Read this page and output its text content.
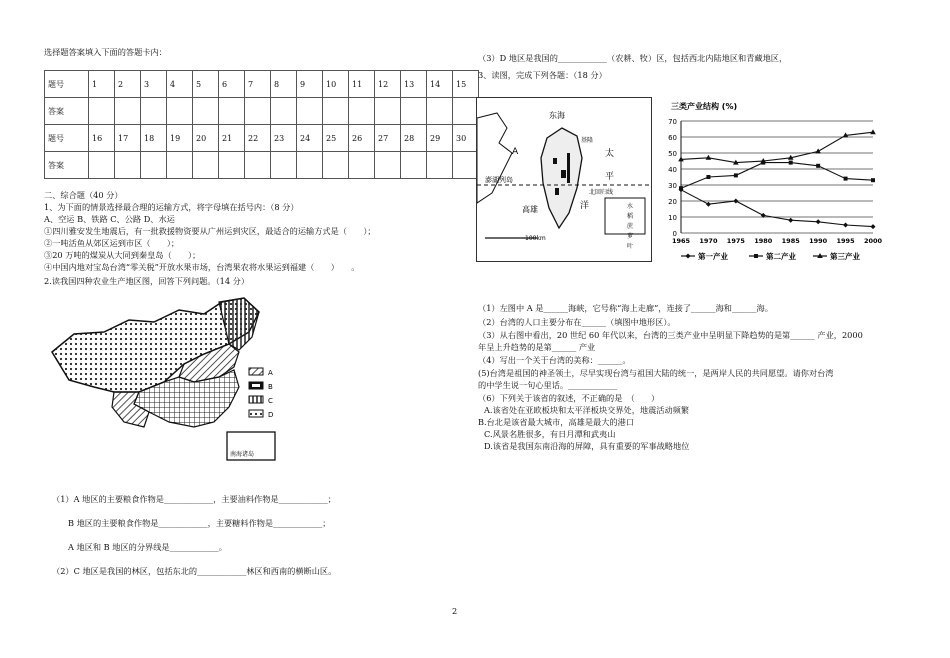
选择题答案填入下面的答题卡内：
题号	1	2	3	4	5	6	7	8	9	10	11	12	13	14	15
答案															
题号	16	17	18	19	20	21	22	23	24	25	26	27	28	29	30
答案															
二、综合题（40 分）
1、为下面的情景选择最合理的运输方式，将字母填在括号内：（8 分）
A、空运 B、铁路 C、公路 D、水运
①四川雅安发生地震后，有一批救援物资要从广州运到灾区，最适合的运输方式是（　　）；
②一吨活鱼从郊区运到市区（　　）；
③20 万吨的煤炭从大同到秦皇岛（　　）；
④中国内地对宝岛台湾“零关税”开放水果市场，台湾果农将水果运到福建（　　）　　。
2.读我国四种农业生产地区图，回答下列问题。（14 分）
A
B
C
D
南海诸岛
（1）A 地区的主要粮食作物是____________，主要油料作物是____________；
B 地区的主要粮食作物是____________，主要糖料作物是____________；
A 地区和 B 地区的分界线是____________。
（2）C 地区是我国的林区，包括东北的____________林区和西南的横断山区。
（3）D 地区是我国的____________（农耕、牧）区，包括西北内陆地区和青藏地区，
3、读图，完成下列各题：（18 分）
东海
A
基隆
太
平
洋
澎湖列岛
北回归线
高雄
100km
水
稻
蔗
萝
叶
三类产业结构 (%)
0
10
20
30
40
50
60
70
1965 1970 1975 1980 1985 1990 1995 2000
第一产业	第二产业	第三产业
（1）左图中 A 是______海峡，它号称“海上走廊”，连接了______海和______海。
（2）台湾的人口主要分布在______（填图中地形区）。
（3）从右图中看出，20 世纪 60 年代以来，台湾的三类产业中呈明显下降趋势的是第______ 产业，2000
年呈上升趋势的是第______ 产业
（4）写出一个关于台湾的美称：______。
(5)台湾是祖国的神圣领土，尽早实现台湾与祖国大陆的统一，是两岸人民的共同愿望。请你对台湾
的中学生说一句心里话。____________
（6）下列关于该省的叙述，不正确的是　（　　）
A.该省处在亚欧板块和太平洋板块交界处，地震活动频繁
B.台北是该省最大城市，高雄是最大的港口
C.风景名胜很多，有日月潭和武夷山
D.该省是我国东南沿海的屏障，具有重要的军事战略地位
2
